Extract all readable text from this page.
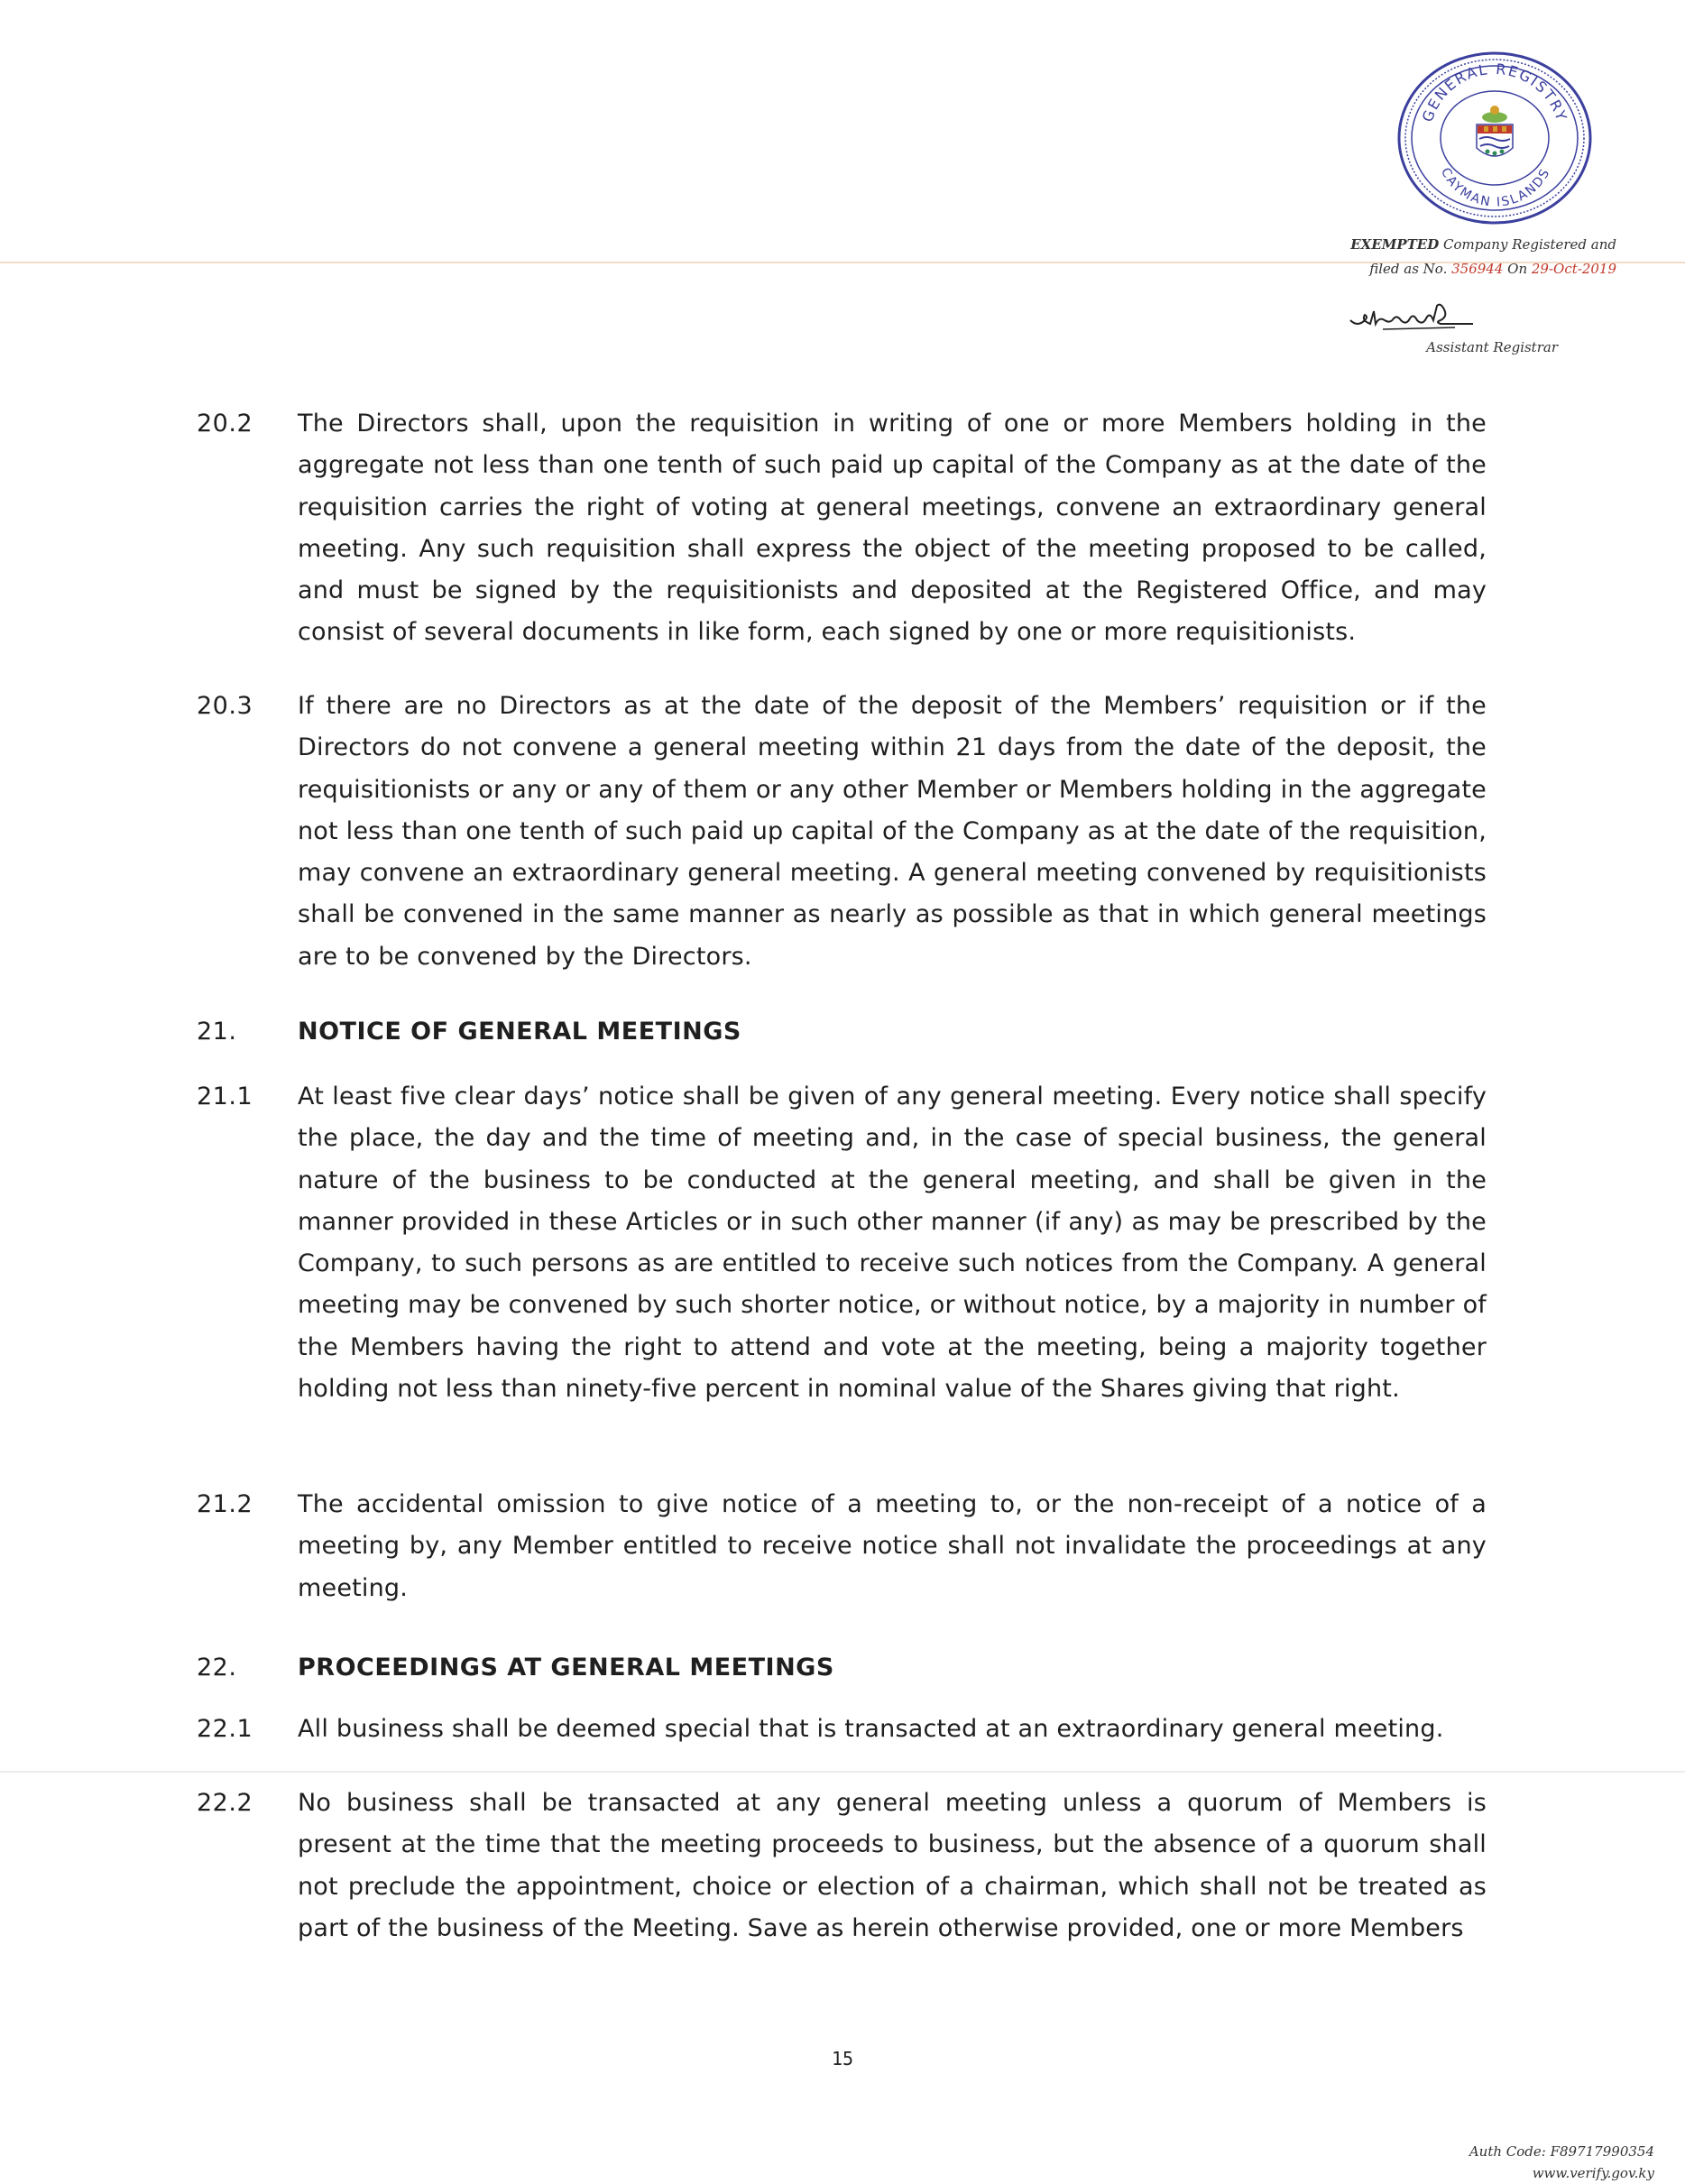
GENERAL REGISTRY
CAYMAN ISLANDS
EXEMPTED Company Registered and
filed as No. 356944 On 29-Oct-2019
Assistant Registrar
20.2 The Directors shall, upon the requisition in writing of one or more Members holding in the aggregate not less than one tenth of such paid up capital of the Company as at the date of the requisition carries the right of voting at general meetings, convene an extraordinary general meeting. Any such requisition shall express the object of the meeting proposed to be called, and must be signed by the requisitionists and deposited at the Registered Office, and may consist of several documents in like form, each signed by one or more requisitionists.
20.3 If there are no Directors as at the date of the deposit of the Members’ requisition or if the Directors do not convene a general meeting within 21 days from the date of the deposit, the requisitionists or any or any of them or any other Member or Members holding in the aggregate not less than one tenth of such paid up capital of the Company as at the date of the requisition, may convene an extraordinary general meeting. A general meeting convened by requisitionists shall be convened in the same manner as nearly as possible as that in which general meetings are to be convened by the Directors.
21.	NOTICE OF GENERAL MEETINGS
21.1 At least five clear days’ notice shall be given of any general meeting. Every notice shall specify the place, the day and the time of meeting and, in the case of special business, the general nature of the business to be conducted at the general meeting, and shall be given in the manner provided in these Articles or in such other manner (if any) as may be prescribed by the Company, to such persons as are entitled to receive such notices from the Company. A general meeting may be convened by such shorter notice, or without notice, by a majority in number of the Members having the right to attend and vote at the meeting, being a majority together holding not less than ninety-five percent in nominal value of the Shares giving that right.
21.2 The accidental omission to give notice of a meeting to, or the non-receipt of a notice of a meeting by, any Member entitled to receive notice shall not invalidate the proceedings at any meeting.
22.	PROCEEDINGS AT GENERAL MEETINGS
22.1 All business shall be deemed special that is transacted at an extraordinary general meeting.
22.2 No business shall be transacted at any general meeting unless a quorum of Members is present at the time that the meeting proceeds to business, but the absence of a quorum shall not preclude the appointment, choice or election of a chairman, which shall not be treated as part of the business of the Meeting. Save as herein otherwise provided, one or more Members
15
Auth Code: F89717990354
www.verify.gov.ky
